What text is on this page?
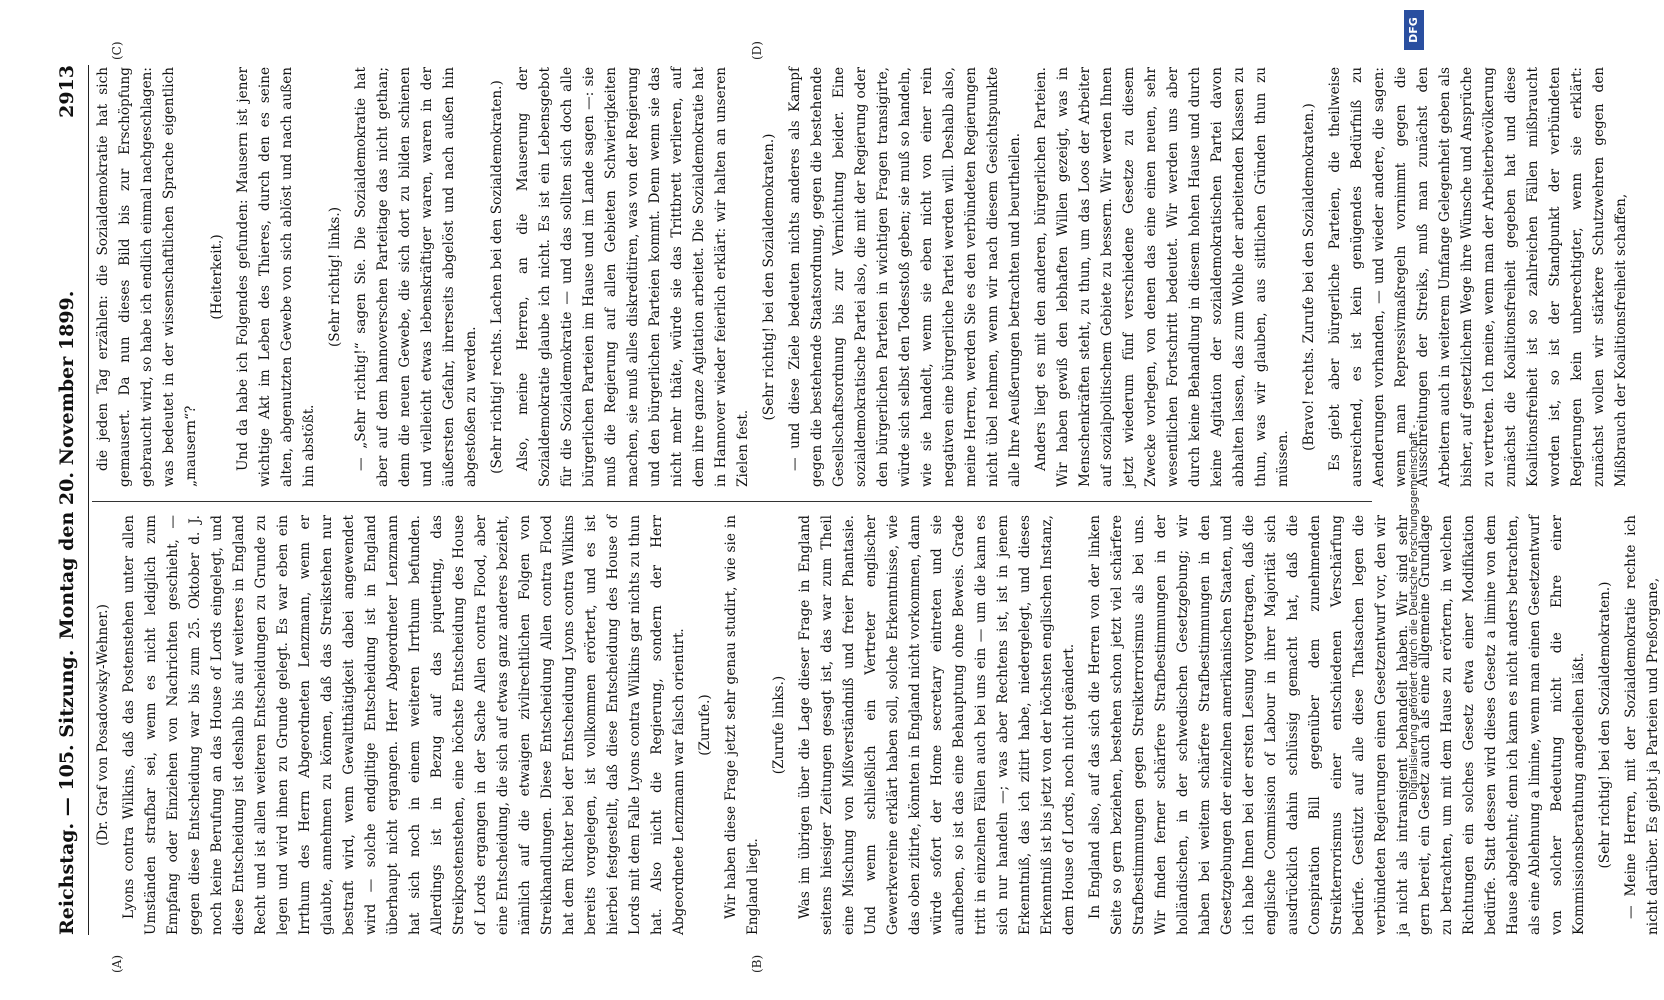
Reichstag. — 105. Sitzung.
Montag den 20. November 1899.
2913
(A)	(B)
(C)	(D)

(Dr. Graf von Posadowsky-Wehner.) Lyons contra Wilkins, daß das Postenstehen unter allen Umständen strafbar sei, wenn es nicht lediglich zum Empfang oder Einziehen von Nachrichten geschieht, — gegen diese Entscheidung war bis zum 25. Oktober d. J. noch keine Berufung an das House of Lords eingelegt, und diese Entscheidung ist deshalb bis auf weiteres in England Recht und ist allen weiteren Entscheidungen zu Grunde zu legen und wird ihnen zu Grunde gelegt. Es war eben ein Irrthum des Herrn Abgeordneten Lenzmann, wenn er glaubte, annehmen zu können, daß das Streikstehen nur bestraft wird, wenn Gewaltthätigkeit dabei angewendet wird — solche endgiltige Entscheidung ist in England überhaupt nicht ergangen. Herr Abgeordneter Lenzmann hat sich noch in einem weiteren Irrthum befunden. Allerdings ist in Bezug auf das piquetting, das Streikpostenstehen, eine höchste Entscheidung des House of Lords ergangen in der Sache Allen contra Flood, aber eine Entscheidung, die sich auf etwas ganz anderes bezieht, nämlich auf die etwaigen zivilrechtlichen Folgen von Streikhandlungen. Diese Entscheidung Allen contra Flood hat dem Richter bei der Entscheidung Lyons contra Wilkins bereits vorgelegen, ist vollkommen erörtert, und es ist hierbei festgestellt, daß diese Entscheidung des House of Lords mit dem Falle Lyons contra Wilkins gar nichts zu thun hat. Also nicht die Regierung, sondern der Herr Abgeordnete Lenzmann war falsch orientirt. (Zurufe.) Wir haben diese Frage jetzt sehr genau studirt, wie sie in England liegt.

(Zurufe links.) Was im übrigen über die Lage dieser Frage in England seitens hiesiger Zeitungen gesagt ist, das war zum Theil eine Mischung von Mißverständniß und freier Phantasie. Und wenn schließlich ein Vertreter englischer Gewerkvereine erklärt haben soll, solche Erkenntnisse, wie das oben zitirte, könnten in England nicht vorkommen, dann würde sofort der Home secretary eintreten und sie aufheben, so ist das eine Behauptung ohne Beweis. Grade tritt in einzelnen Fällen auch bei uns ein — um die kann es sich nur handeln —; was aber Rechtens ist, ist in jenem Erkenntniß, das ich zitirt habe, niedergelegt, und dieses Erkenntniß ist bis jetzt von der höchsten englischen Instanz, dem House of Lords, noch nicht geändert. In England also, auf das sich die Herren von der linken Seite so gern beziehen, bestehen schon jetzt viel schärfere Strafbestimmungen gegen Streikterrorismus als bei uns. Wir finden ferner schärfere Strafbestimmungen in der holländischen, in der schwedischen Gesetzgebung; wir haben bei weitem schärfere Strafbestimmungen in den Gesetzgebungen der einzelnen amerikanischen Staaten, und ich habe Ihnen bei der ersten Lesung vorgetragen, daß die englische Commission of Labour in ihrer Majorität sich ausdrücklich dahin schlüssig gemacht hat, daß die Conspiration Bill gegenüber dem zunehmenden Streikterrorismus einer entschiedenen Verschärfung bedürfe. Gestützt auf alle diese Thatsachen legen die verbündeten Regierungen einen Gesetzentwurf vor, den wir ja nicht als intransigent behandelt haben. Wir sind sehr gern bereit, ein Gesetz auch als eine allgemeine Grundlage zu betrachten, um mit dem Hause zu erörtern, in welchen Richtungen ein solches Gesetz etwa einer Modifikation bedürfe. Statt dessen wird dieses Gesetz a limine von dem Hause abgelehnt; denn ich kann es nicht anders betrachten, als eine Ablehnung a limine, wenn man einen Gesetzentwurf von solcher Bedeutung nicht die Ehre einer Kommissionsberathung angedeihen läßt. (Sehr richtig! bei den Sozialdemokraten.) — Meine Herren, mit der Sozialdemokratie rechte ich nicht darüber. Es giebt ja Parteien und Preßorgane,

die jeden Tag erzählen: die Sozialdemokratie hat sich gemausert. Da nun dieses Bild bis zur Erschöpfung gebraucht wird, so habe ich endlich einmal nachgeschlagen: was bedeutet in der wissenschaftlichen Sprache eigentlich „mausern“?

(Heiterkeit.) Und da habe ich Folgendes gefunden: Mausern ist jener wichtige Akt im Leben des Thieres, durch den es seine alten, abgenutzten Gewebe von sich ablöst und nach außen hin abstößt.

(Sehr richtig! links.) — „Sehr richtig!“ sagen Sie. Die Sozialdemokratie hat aber auf dem hannoverschen Parteitage das nicht gethan; denn die neuen Gewebe, die sich dort zu bilden schienen und vielleicht etwas lebenskräftiger waren, waren in der äußersten Gefahr, ihrerseits abgelöst und nach außen hin abgestoßen zu werden. (Sehr richtig! rechts. Lachen bei den Sozialdemokraten.) Also, meine Herren, an die Mauserung der Sozialdemokratie glaube ich nicht. Es ist ein Lebensgebot für die Sozialdemokratie — und das sollten sich doch alle bürgerlichen Parteien im Hause und im Lande sagen —: sie muß die Regierung auf allen Gebieten Schwierigkeiten machen, sie muß alles diskreditiren, was von der Regierung und den bürgerlichen Parteien kommt. Denn wenn sie das nicht mehr thäte, würde sie das Trittbrett verlieren, auf dem ihre ganze Agitation arbeitet. Die Sozialdemokratie hat in Hannover wieder feierlich erklärt: wir halten an unseren Zielen fest.

(Sehr richtig! bei den Sozialdemokraten.) — und diese Ziele bedeuten nichts anderes als Kampf gegen die bestehende Staatsordnung, gegen die bestehende Gesellschaftsordnung bis zur Vernichtung beider. Eine sozialdemokratische Partei also, die mit der Regierung oder den bürgerlichen Parteien in wichtigen Fragen transigirte, würde sich selbst den Todesstoß geben; sie muß so handeln, wie sie handelt, wenn sie eben nicht von einer rein negativen eine bürgerliche Partei werden will. Deshalb also, meine Herren, werden Sie es den verbündeten Regierungen nicht übel nehmen, wenn wir nach diesem Gesichtspunkte alle Ihre Aeußerungen betrachten und beurtheilen. Anders liegt es mit den anderen, bürgerlichen Parteien. Wir haben gewiß den lebhaften Willen gezeigt, was in Menschenkräften steht, zu thun, um das Loos der Arbeiter auf sozialpolitischem Gebiete zu bessern. Wir werden Ihnen jetzt wiederum fünf verschiedene Gesetze zu diesem Zwecke vorlegen, von denen das eine einen neuen, sehr wesentlichen Fortschritt bedeutet. Wir werden uns aber durch keine Behandlung in diesem hohen Hause und durch keine Agitation der sozialdemokratischen Partei davon abhalten lassen, das zum Wohle der arbeitenden Klassen zu thun, was wir glauben, aus sittlichen Gründen thun zu müssen.

(Bravo! rechts. Zurufe bei den Sozialdemokraten.) Es giebt aber bürgerliche Parteien, die theilweise ausreichend, es ist kein genügendes Bedürfniß zu Aenderungen vorhanden, — und wieder andere, die sagen: wenn man Repressivmaßregeln vornimmt gegen die Ausschreitungen der Streiks, muß man zunächst den Arbeitern auch in weiterem Umfange Gelegenheit geben als bisher, auf gesetzlichem Wege ihre Wünsche und Ansprüche zu vertreten. Ich meine, wenn man der Arbeiterbevölkerung zunächst die Koalitionsfreiheit gegeben hat und diese Koalitionsfreiheit ist so zahlreichen Fällen mißbraucht worden ist, so ist der Standpunkt der verbündeten Regierungen kein unberechtigter, wenn sie erklärt: zunächst wollen wir stärkere Schutzwehren gegen den Mißbrauch der Koalitionsfreiheit schaffen,

Digitalisierung gefördert durch die Deutsche Forschungsgemeinschaft -
DFG
